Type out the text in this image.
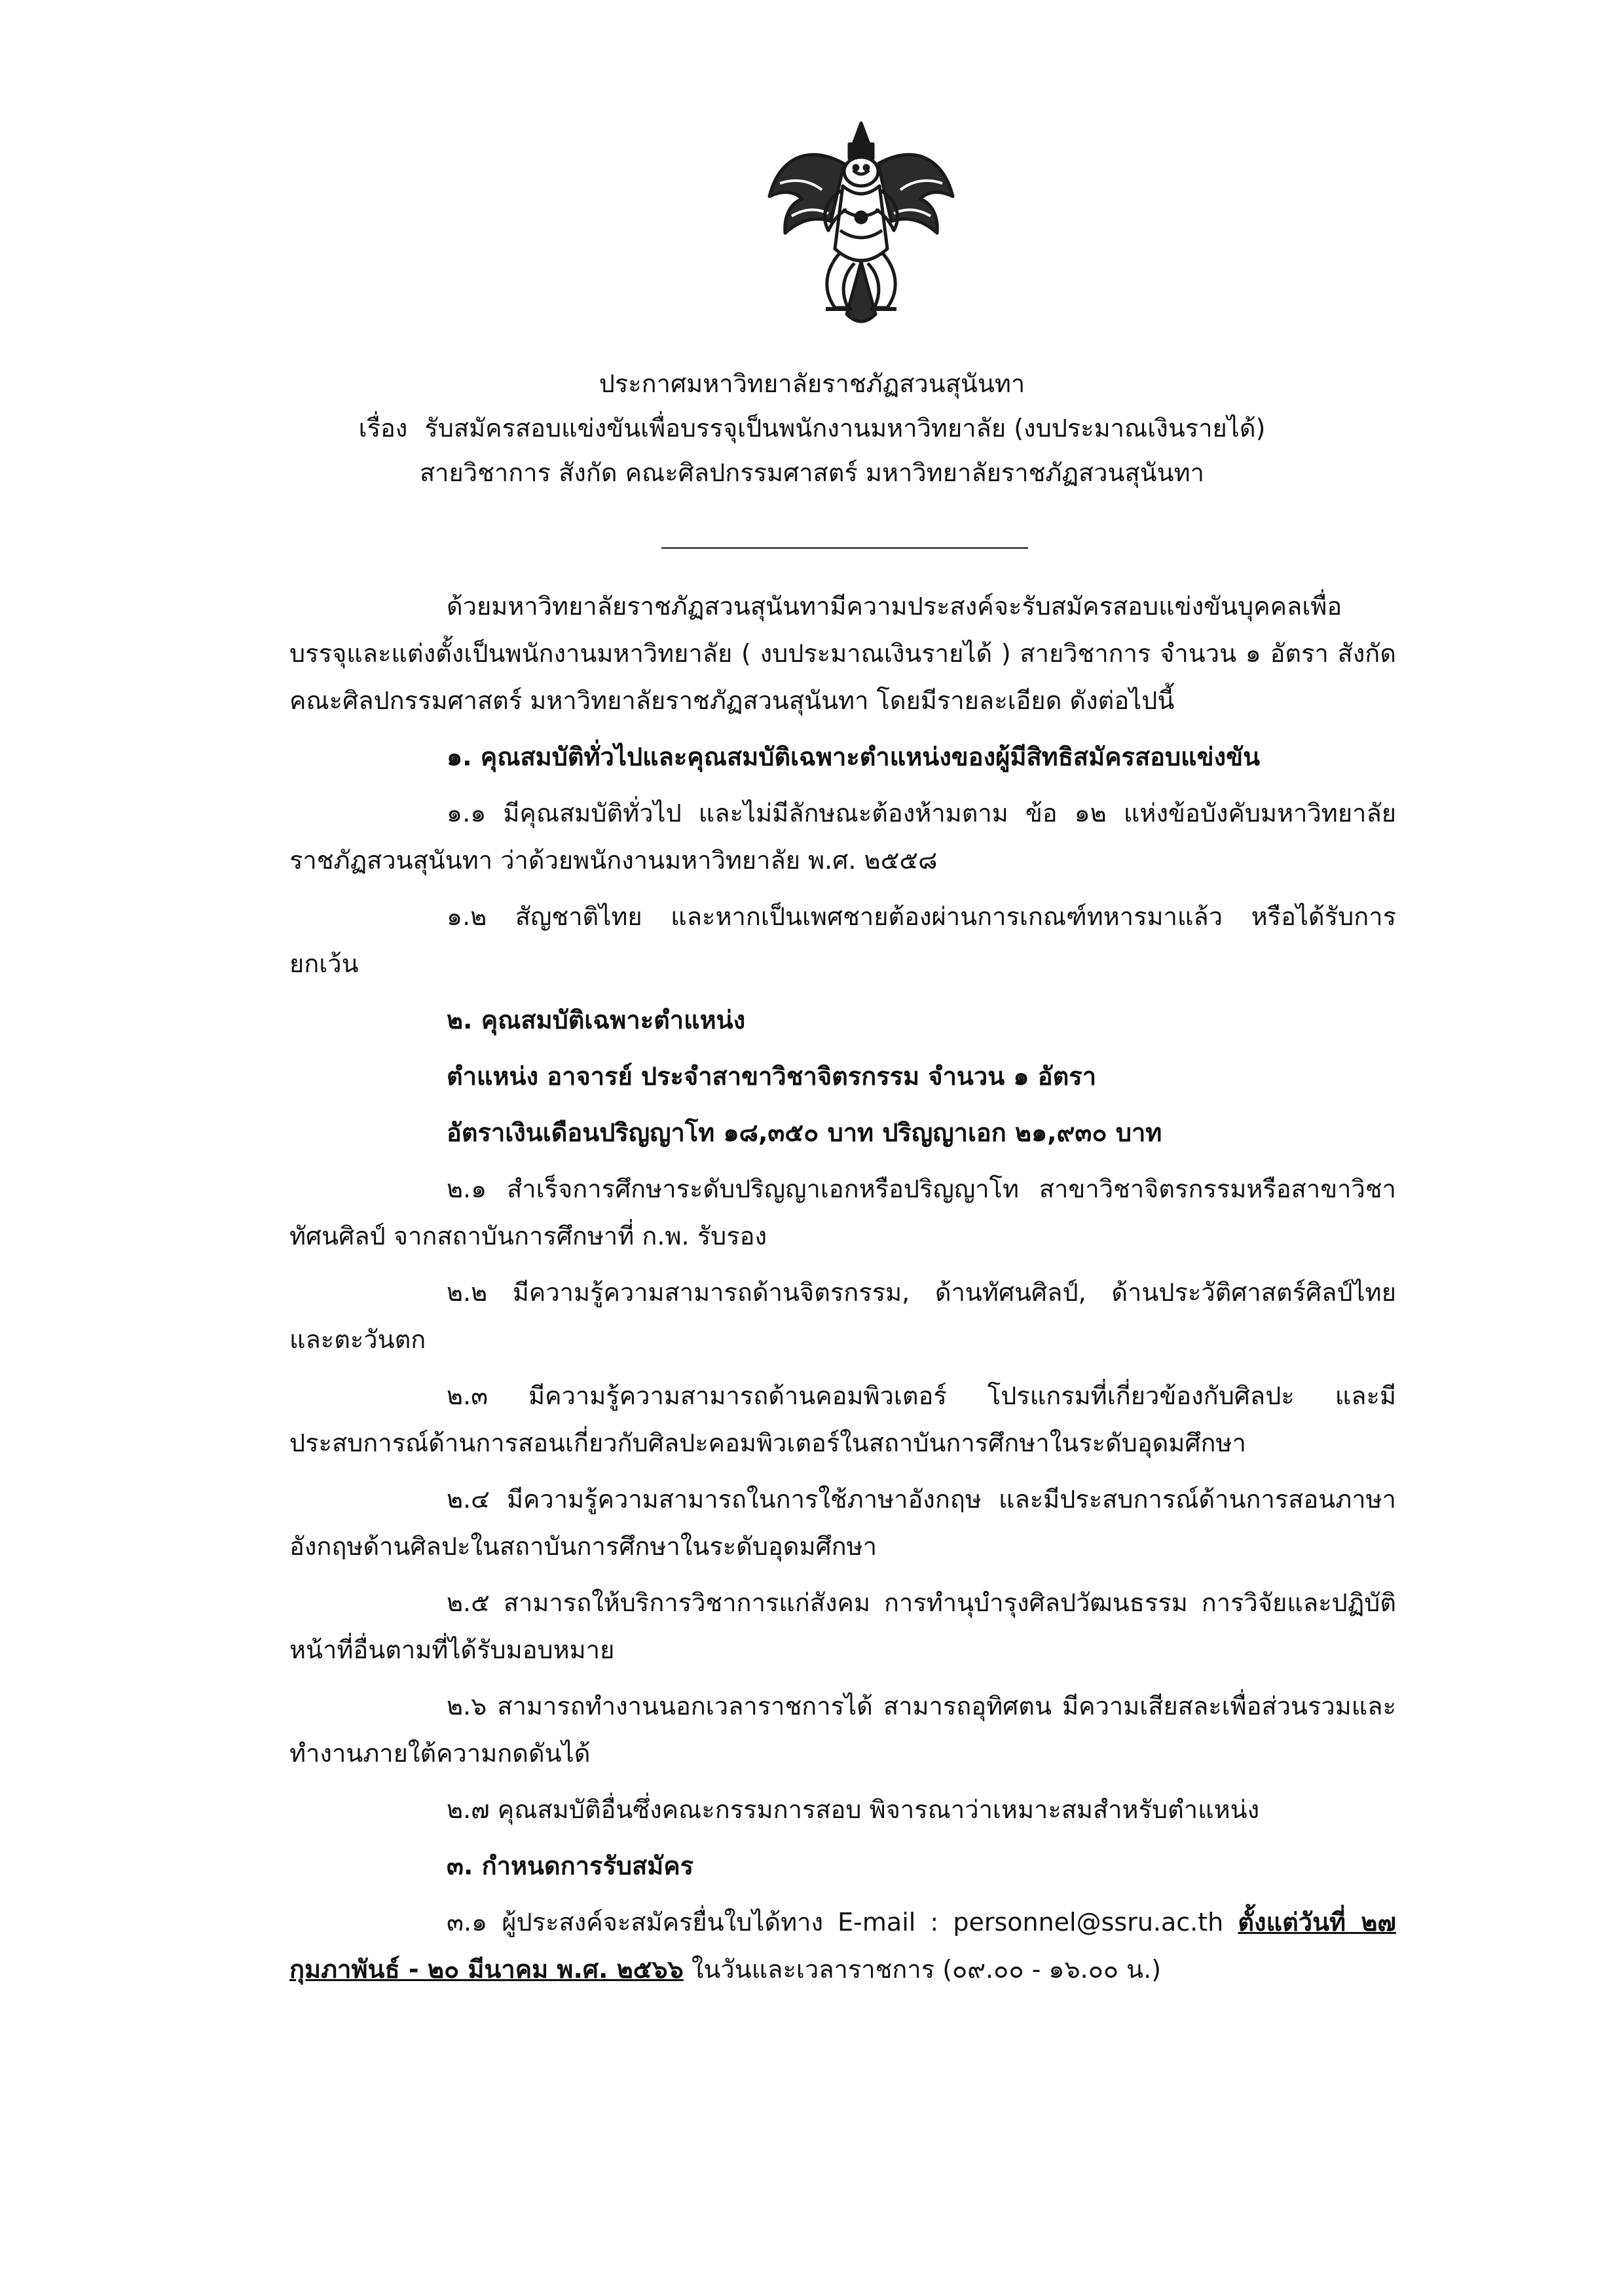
ประกาศมหาวิทยาลัยราชภัฏสวนสุนันทา
เรื่อง รับสมัครสอบแข่งขันเพื่อบรรจุเป็นพนักงานมหาวิทยาลัย (งบประมาณเงินรายได้)
สายวิชาการ สังกัด คณะศิลปกรรมศาสตร์ มหาวิทยาลัยราชภัฏสวนสุนันทา

ด้วยมหาวิทยาลัยราชภัฏสวนสุนันทามีความประสงค์จะรับสมัครสอบแข่งขันบุคคลเพื่อบรรจุและแต่งตั้งเป็นพนักงานมหาวิทยาลัย ( งบประมาณเงินรายได้ ) สายวิชาการ จำนวน ๑ อัตรา สังกัด คณะศิลปกรรมศาสตร์ มหาวิทยาลัยราชภัฏสวนสุนันทา โดยมีรายละเอียด ดังต่อไปนี้

๑. คุณสมบัติทั่วไปและคุณสมบัติเฉพาะตำแหน่งของผู้มีสิทธิสมัครสอบแข่งขัน

๑.๑ มีคุณสมบัติทั่วไป และไม่มีลักษณะต้องห้ามตาม ข้อ ๑๒ แห่งข้อบังคับมหาวิทยาลัยราชภัฏสวนสุนันทา ว่าด้วยพนักงานมหาวิทยาลัย พ.ศ. ๒๕๕๘

๑.๒ สัญชาติไทย และหากเป็นเพศชายต้องผ่านการเกณฑ์ทหารมาแล้ว หรือได้รับการยกเว้น

๒. คุณสมบัติเฉพาะตำแหน่ง

ตำแหน่ง อาจารย์ ประจำสาขาวิชาจิตรกรรม จำนวน ๑ อัตรา

อัตราเงินเดือนปริญญาโท ๑๘,๓๕๐ บาท ปริญญาเอก ๒๑,๙๓๐ บาท

๒.๑ สำเร็จการศึกษาระดับปริญญาเอกหรือปริญญาโท สาขาวิชาจิตรกรรมหรือสาขาวิชาทัศนศิลป์ จากสถาบันการศึกษาที่ ก.พ. รับรอง

๒.๒ มีความรู้ความสามารถด้านจิตรกรรม, ด้านทัศนศิลป์, ด้านประวัติศาสตร์ศิลป์ไทย และตะวันตก

๒.๓ มีความรู้ความสามารถด้านคอมพิวเตอร์ โปรแกรมที่เกี่ยวข้องกับศิลปะ และมีประสบการณ์ด้านการสอนเกี่ยวกับศิลปะคอมพิวเตอร์ในสถาบันการศึกษาในระดับอุดมศึกษา

๒.๔ มีความรู้ความสามารถในการใช้ภาษาอังกฤษ และมีประสบการณ์ด้านการสอนภาษาอังกฤษด้านศิลปะในสถาบันการศึกษาในระดับอุดมศึกษา

๒.๕ สามารถให้บริการวิชาการแก่สังคม การทำนุบำรุงศิลปวัฒนธรรม การวิจัยและปฏิบัติหน้าที่อื่นตามที่ได้รับมอบหมาย

๒.๖ สามารถทำงานนอกเวลาราชการได้ สามารถอุทิศตน มีความเสียสละเพื่อส่วนรวมและทำงานภายใต้ความกดดันได้

๒.๗ คุณสมบัติอื่นซึ่งคณะกรรมการสอบ พิจารณาว่าเหมาะสมสำหรับตำแหน่ง

๓. กำหนดการรับสมัคร

๓.๑ ผู้ประสงค์จะสมัครยื่นใบได้ทาง E-mail : personnel@ssru.ac.th ตั้งแต่วันที่ ๒๗ กุมภาพันธ์ - ๒๐ มีนาคม พ.ศ. ๒๕๖๖ ในวันและเวลาราชการ (๐๙.๐๐ - ๑๖.๐๐ น.)
